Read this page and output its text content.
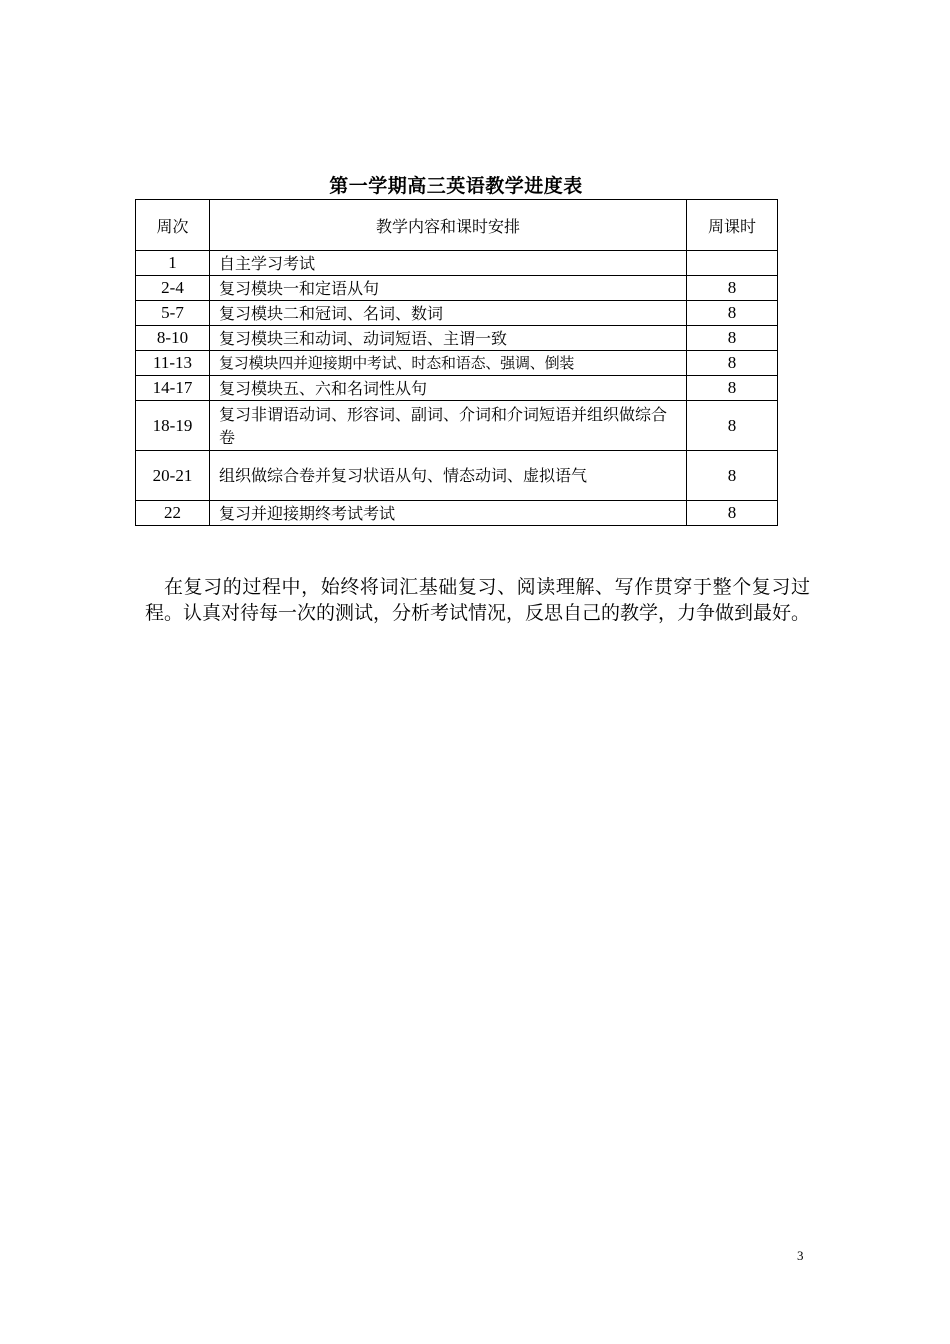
第一学期高三英语教学进度表
周次	教学内容和课时安排	周课时
1	自主学习考试	
2-4	复习模块一和定语从句	8
5-7	复习模块二和冠词、名词、数词	8
8-10	复习模块三和动词、动词短语、主谓一致	8
11-13	复习模块四并迎接期中考试、时态和语态、强调、倒装	8
14-17	复习模块五、六和名词性从句	8
18-19	复习非谓语动词、形容词、副词、介词和介词短语并组织做综合卷	8
20-21	组织做综合卷并复习状语从句、情态动词、虚拟语气	8
22	复习并迎接期终考试考试	8

在复习的过程中，始终将词汇基础复习、阅读理解、写作贯穿于整个复习过程。认真对待每一次的测试，分析考试情况，反思自己的教学，力争做到最好。

3
